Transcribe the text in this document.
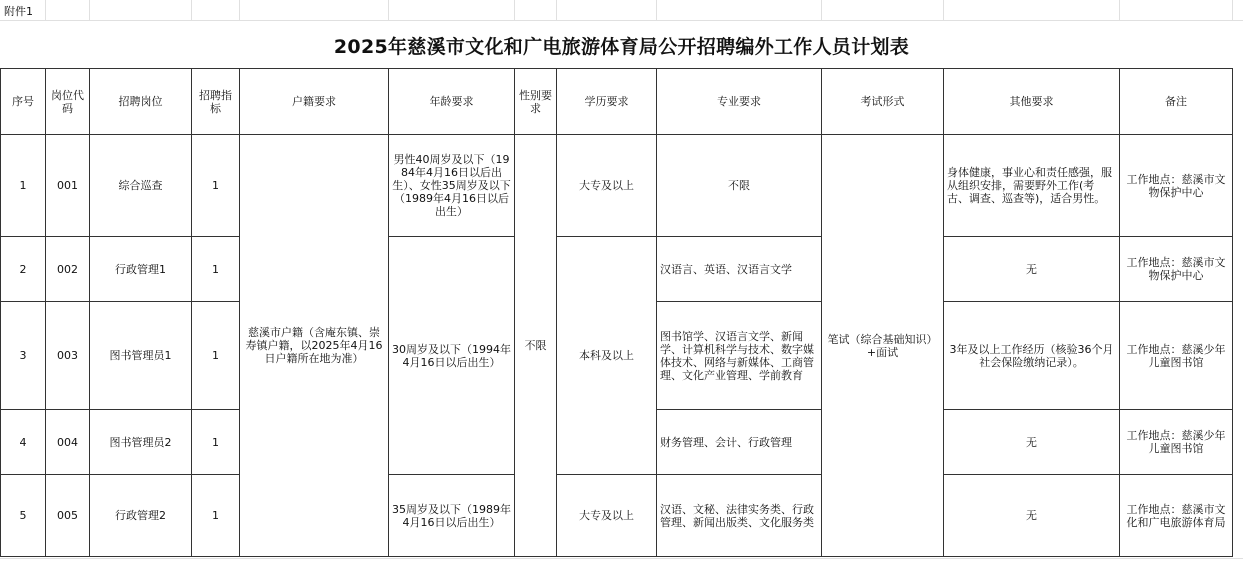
附件1
2025年慈溪市文化和广电旅游体育局公开招聘编外工作人员计划表
序号	岗位代码	招聘岗位	招聘指标	户籍要求	年龄要求	性别要求	学历要求	专业要求	考试形式	其他要求	备注
1	001	综合巡查	1	慈溪市户籍（含庵东镇、崇寿镇户籍，以2025年4月16日户籍所在地为准）	男性40周岁及以下（1984年4月16日以后出生）、女性35周岁及以下（1989年4月16日以后出生）	不限	大专及以上	不限	笔试（综合基础知识）+面试	身体健康，事业心和责任感强，服从组织安排，需要野外工作(考古、调查、巡查等)，适合男性。	工作地点：慈溪市文物保护中心
2	002	行政管理1	1		30周岁及以下（1994年4月16日以后出生）		本科及以上	汉语言、英语、汉语言文学		无	工作地点：慈溪市文物保护中心
3	003	图书管理员1	1					图书馆学、汉语言文学、新闻学、计算机科学与技术、数字媒体技术、网络与新媒体、工商管理、文化产业管理、学前教育		3年及以上工作经历（核验36个月社会保险缴纳记录）。	工作地点：慈溪少年儿童图书馆
4	004	图书管理员2	1					财务管理、会计、行政管理		无	工作地点：慈溪少年儿童图书馆
5	005	行政管理2	1		35周岁及以下（1989年4月16日以后出生）		大专及以上	汉语、文秘、法律实务类、行政管理、新闻出版类、文化服务类		无	工作地点：慈溪市文化和广电旅游体育局
